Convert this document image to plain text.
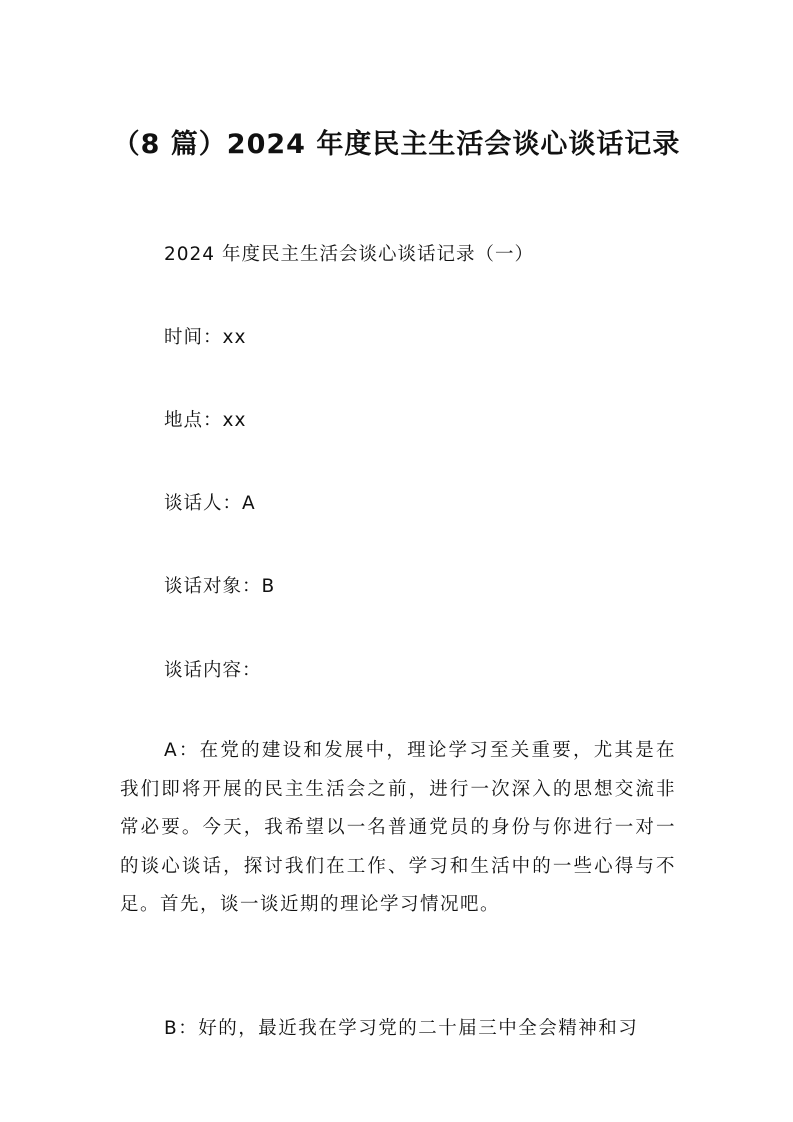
（8 篇）2024 年度民主生活会谈心谈话记录
2024 年度民主生活会谈心谈话记录（一）
时间：xx
地点：xx
谈话人：A
谈话对象：B
谈话内容：
A：在党的建设和发展中，理论学习至关重要，尤其是在我们即将开展的民主生活会之前，进行一次深入的思想交流非常必要。今天，我希望以一名普通党员的身份与你进行一对一的谈心谈话，探讨我们在工作、学习和生活中的一些心得与不足。首先，谈一谈近期的理论学习情况吧。
B：好的，最近我在学习党的二十届三中全会精神和习
